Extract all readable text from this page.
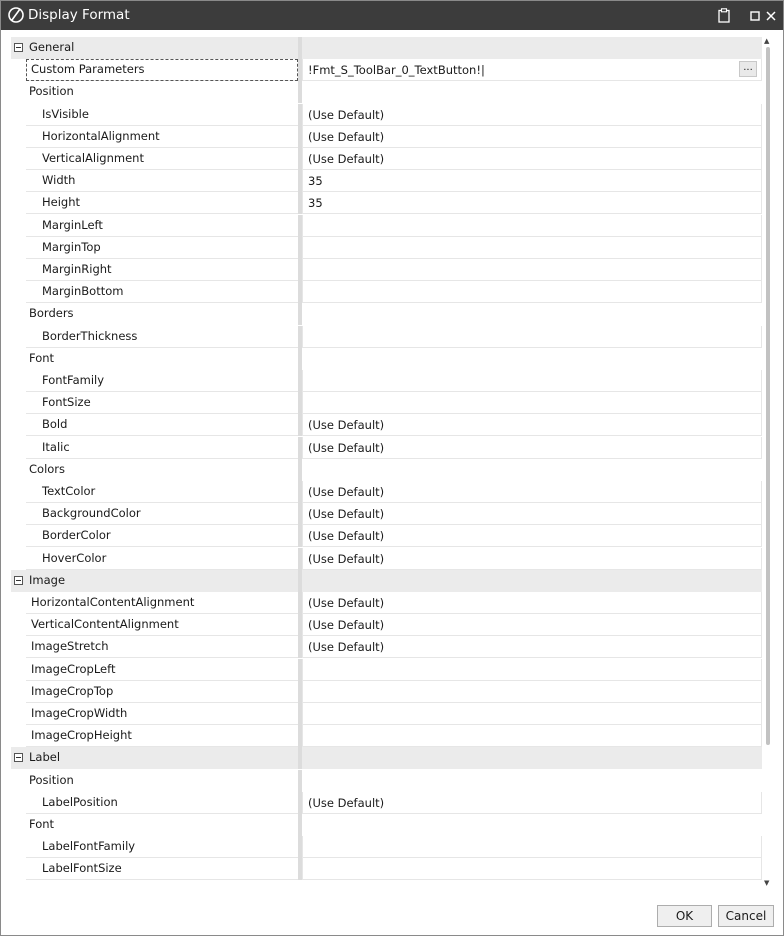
Display Format
General
Custom Parameters	!Fmt_S_ToolBar_0_TextButton!|	...
Position
IsVisible	(Use Default)
HorizontalAlignment	(Use Default)
VerticalAlignment	(Use Default)
Width	35
Height	35
MarginLeft
MarginTop
MarginRight
MarginBottom
Borders
BorderThickness
Font
FontFamily
FontSize
Bold	(Use Default)
Italic	(Use Default)
Colors
TextColor	(Use Default)
BackgroundColor	(Use Default)
BorderColor	(Use Default)
HoverColor	(Use Default)
Image
HorizontalContentAlignment	(Use Default)
VerticalContentAlignment	(Use Default)
ImageStretch	(Use Default)
ImageCropLeft
ImageCropTop
ImageCropWidth
ImageCropHeight
Label
Position
LabelPosition	(Use Default)
Font
LabelFontFamily
LabelFontSize
▲
▼
OK	Cancel
